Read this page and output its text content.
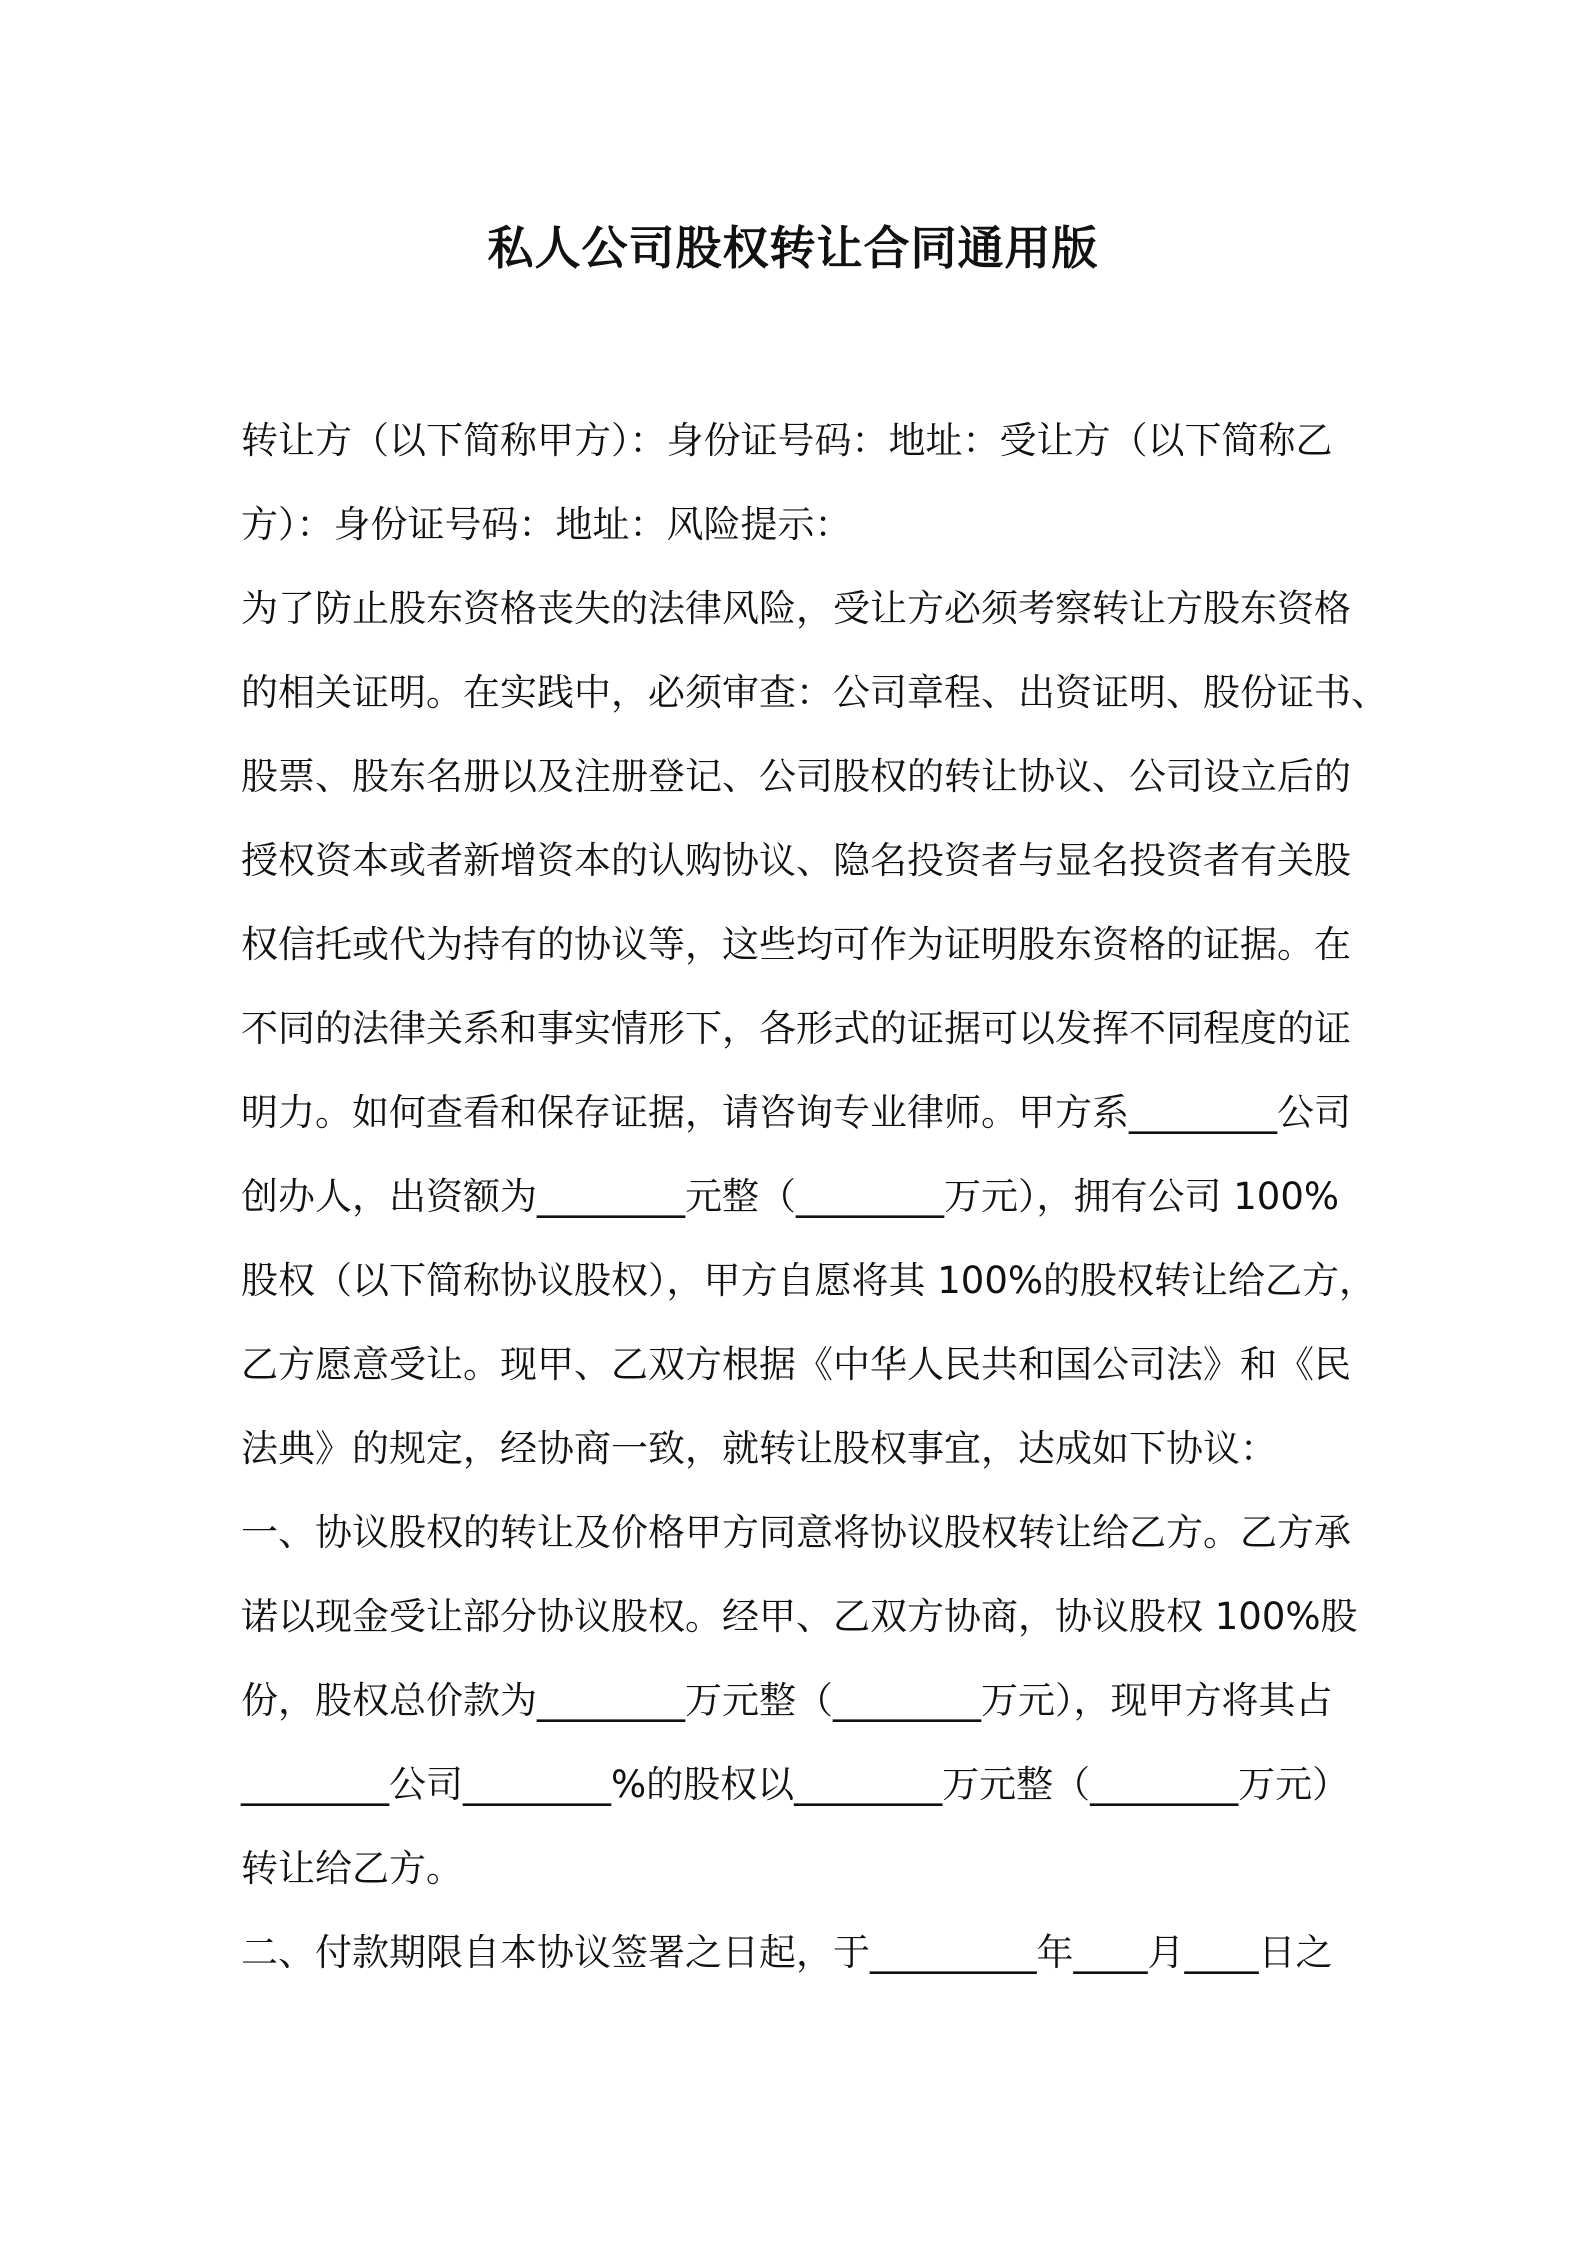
私人公司股权转让合同通用版

转让方（以下简称甲方）：身份证号码：地址：受让方（以下简称乙

方）：身份证号码：地址：风险提示：

为了防止股东资格丧失的法律风险，受让方必须考察转让方股东资格

的相关证明。在实践中，必须审查：公司章程、出资证明、股份证书、

股票、股东名册以及注册登记、公司股权的转让协议、公司设立后的

授权资本或者新增资本的认购协议、隐名投资者与显名投资者有关股

权信托或代为持有的协议等，这些均可作为证明股东资格的证据。在

不同的法律关系和事实情形下，各形式的证据可以发挥不同程度的证

明力。如何查看和保存证据，请咨询专业律师。甲方系________公司

创办人，出资额为________元整（________万元），拥有公司 100%

股权（以下简称协议股权），甲方自愿将其 100%的股权转让给乙方，

乙方愿意受让。现甲、乙双方根据《中华人民共和国公司法》和《民

法典》的规定，经协商一致，就转让股权事宜，达成如下协议：

一、协议股权的转让及价格甲方同意将协议股权转让给乙方。乙方承

诺以现金受让部分协议股权。经甲、乙双方协商，协议股权 100%股

份，股权总价款为________万元整（________万元），现甲方将其占

________公司________%的股权以________万元整（________万元）

转让给乙方。

二、付款期限自本协议签署之日起，于_________年____月____日之
